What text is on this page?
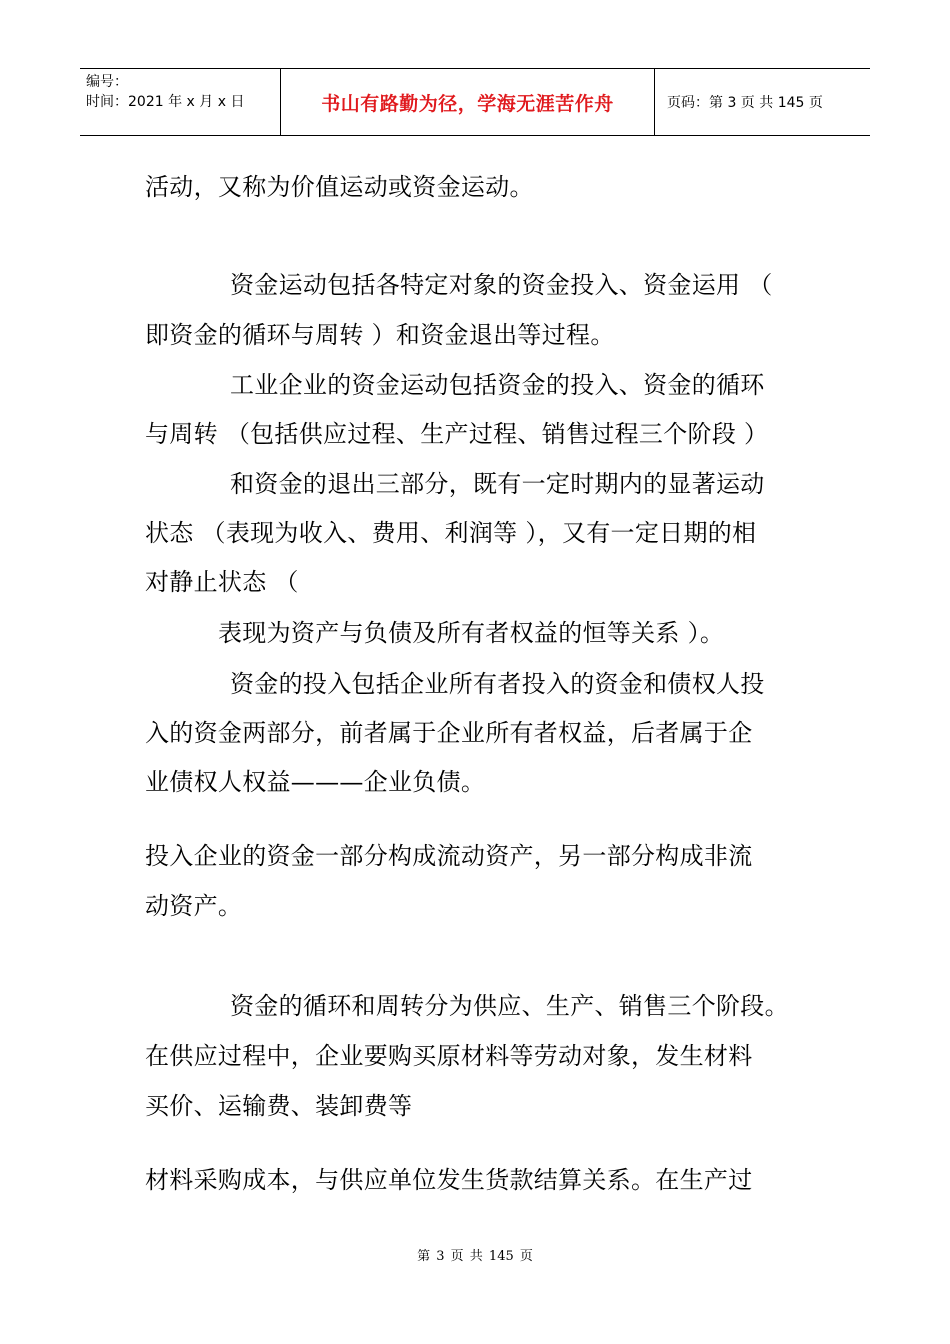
编号：
时间：2021 年 x 月 x 日	书山有路勤为径，学海无涯苦作舟	页码：第 3 页 共 145 页
活动，又称为价值运动或资金运动。
资金运动包括各特定对象的资金投入、资金运用 （
即资金的循环与周转 ）和资金退出等过程。
工业企业的资金运动包括资金的投入、资金的循环
与周转 （包括供应过程、生产过程、销售过程三个阶段 ）
和资金的退出三部分，既有一定时期内的显著运动
状态 （表现为收入、费用、利润等 ），又有一定日期的相
对静止状态 （
表现为资产与负债及所有者权益的恒等关系 ）。
资金的投入包括企业所有者投入的资金和债权人投
入的资金两部分，前者属于企业所有者权益，后者属于企
业债权人权益———企业负债。
投入企业的资金一部分构成流动资产，另一部分构成非流
动资产。
资金的循环和周转分为供应、生产、销售三个阶段。
在供应过程中，企业要购买原材料等劳动对象，发生材料
买价、运输费、装卸费等
材料采购成本，与供应单位发生货款结算关系。在生产过
第 3 页 共 145 页
